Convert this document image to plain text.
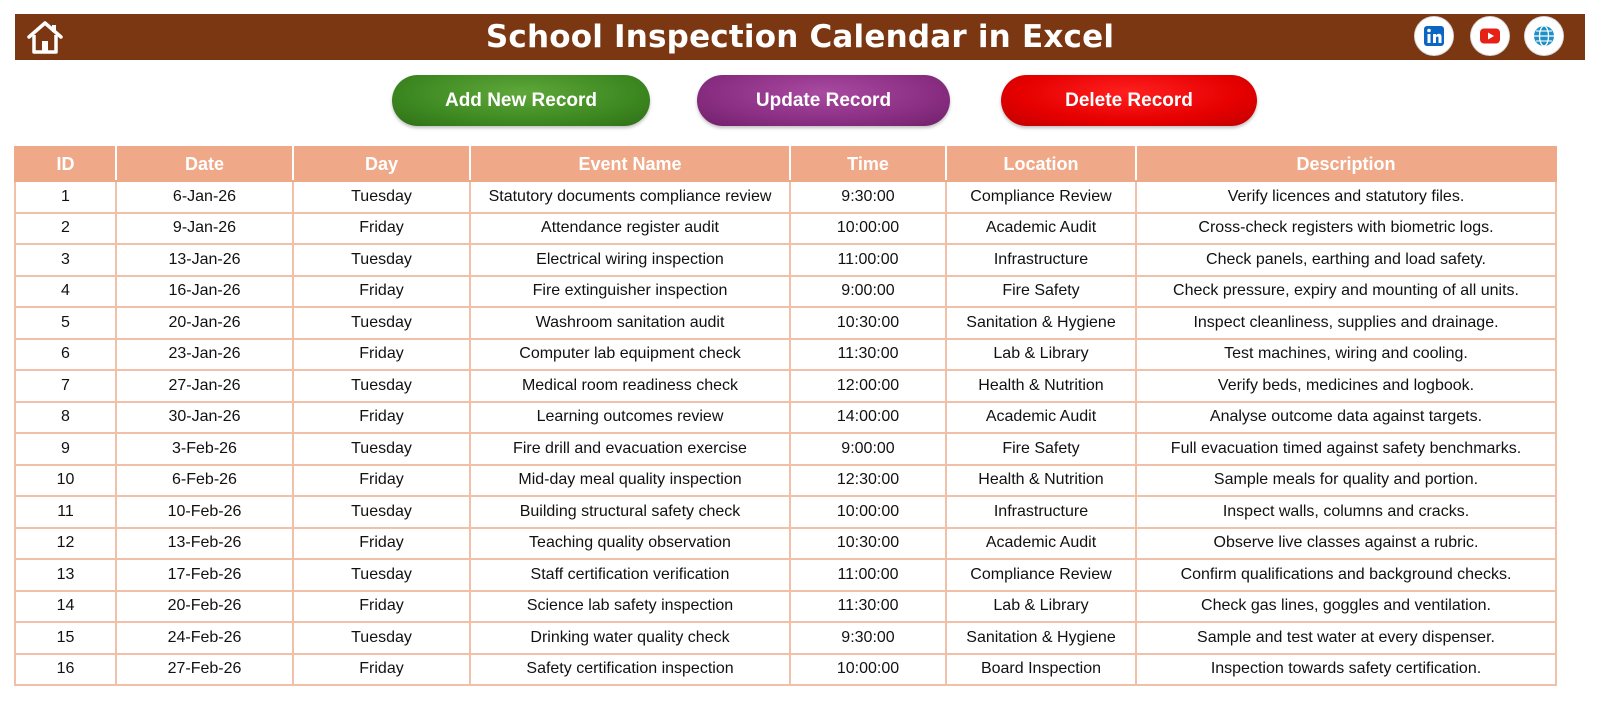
School Inspection Calendar in Excel
Add New Record	Update Record	Delete Record
ID	Date	Day	Event Name	Time	Location	Description
1	6-Jan-26	Tuesday	Statutory documents compliance review	9:30:00	Compliance Review	Verify licences and statutory files.
2	9-Jan-26	Friday	Attendance register audit	10:00:00	Academic Audit	Cross-check registers with biometric logs.
3	13-Jan-26	Tuesday	Electrical wiring inspection	11:00:00	Infrastructure	Check panels, earthing and load safety.
4	16-Jan-26	Friday	Fire extinguisher inspection	9:00:00	Fire Safety	Check pressure, expiry and mounting of all units.
5	20-Jan-26	Tuesday	Washroom sanitation audit	10:30:00	Sanitation & Hygiene	Inspect cleanliness, supplies and drainage.
6	23-Jan-26	Friday	Computer lab equipment check	11:30:00	Lab & Library	Test machines, wiring and cooling.
7	27-Jan-26	Tuesday	Medical room readiness check	12:00:00	Health & Nutrition	Verify beds, medicines and logbook.
8	30-Jan-26	Friday	Learning outcomes review	14:00:00	Academic Audit	Analyse outcome data against targets.
9	3-Feb-26	Tuesday	Fire drill and evacuation exercise	9:00:00	Fire Safety	Full evacuation timed against safety benchmarks.
10	6-Feb-26	Friday	Mid-day meal quality inspection	12:30:00	Health & Nutrition	Sample meals for quality and portion.
11	10-Feb-26	Tuesday	Building structural safety check	10:00:00	Infrastructure	Inspect walls, columns and cracks.
12	13-Feb-26	Friday	Teaching quality observation	10:30:00	Academic Audit	Observe live classes against a rubric.
13	17-Feb-26	Tuesday	Staff certification verification	11:00:00	Compliance Review	Confirm qualifications and background checks.
14	20-Feb-26	Friday	Science lab safety inspection	11:30:00	Lab & Library	Check gas lines, goggles and ventilation.
15	24-Feb-26	Tuesday	Drinking water quality check	9:30:00	Sanitation & Hygiene	Sample and test water at every dispenser.
16	27-Feb-26	Friday	Safety certification inspection	10:00:00	Board Inspection	Inspection towards safety certification.
